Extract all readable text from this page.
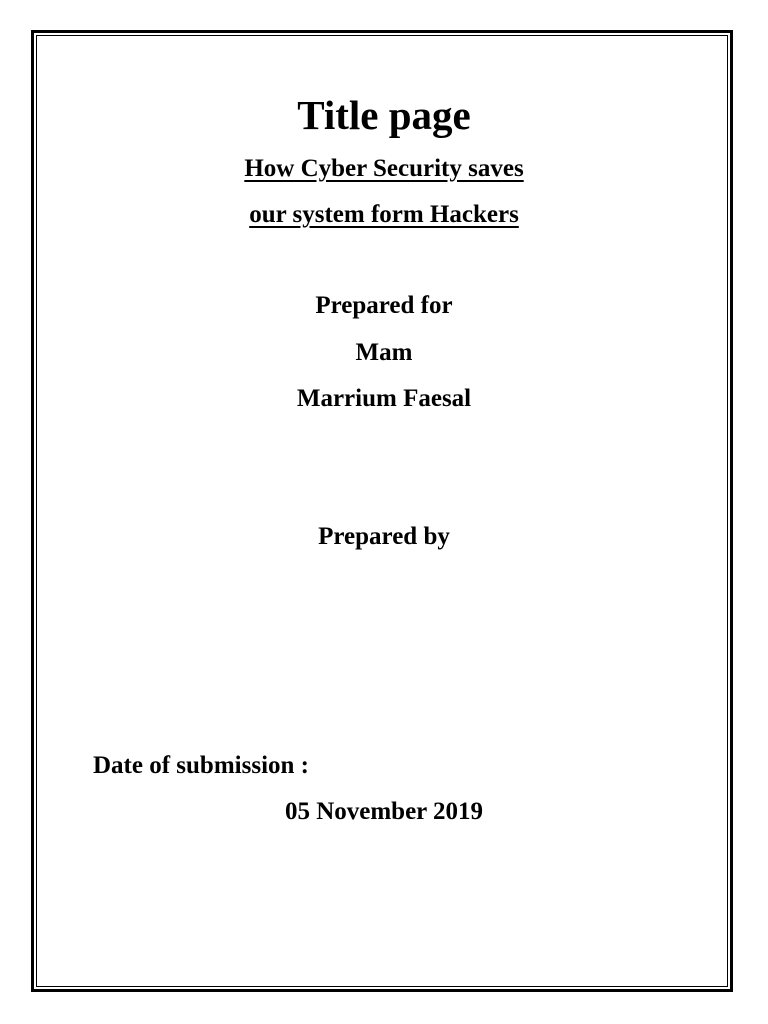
Title page
How Cyber Security saves
our system form Hackers
Prepared for
Mam
Marrium Faesal
Prepared by
Date of submission :
05 November 2019
